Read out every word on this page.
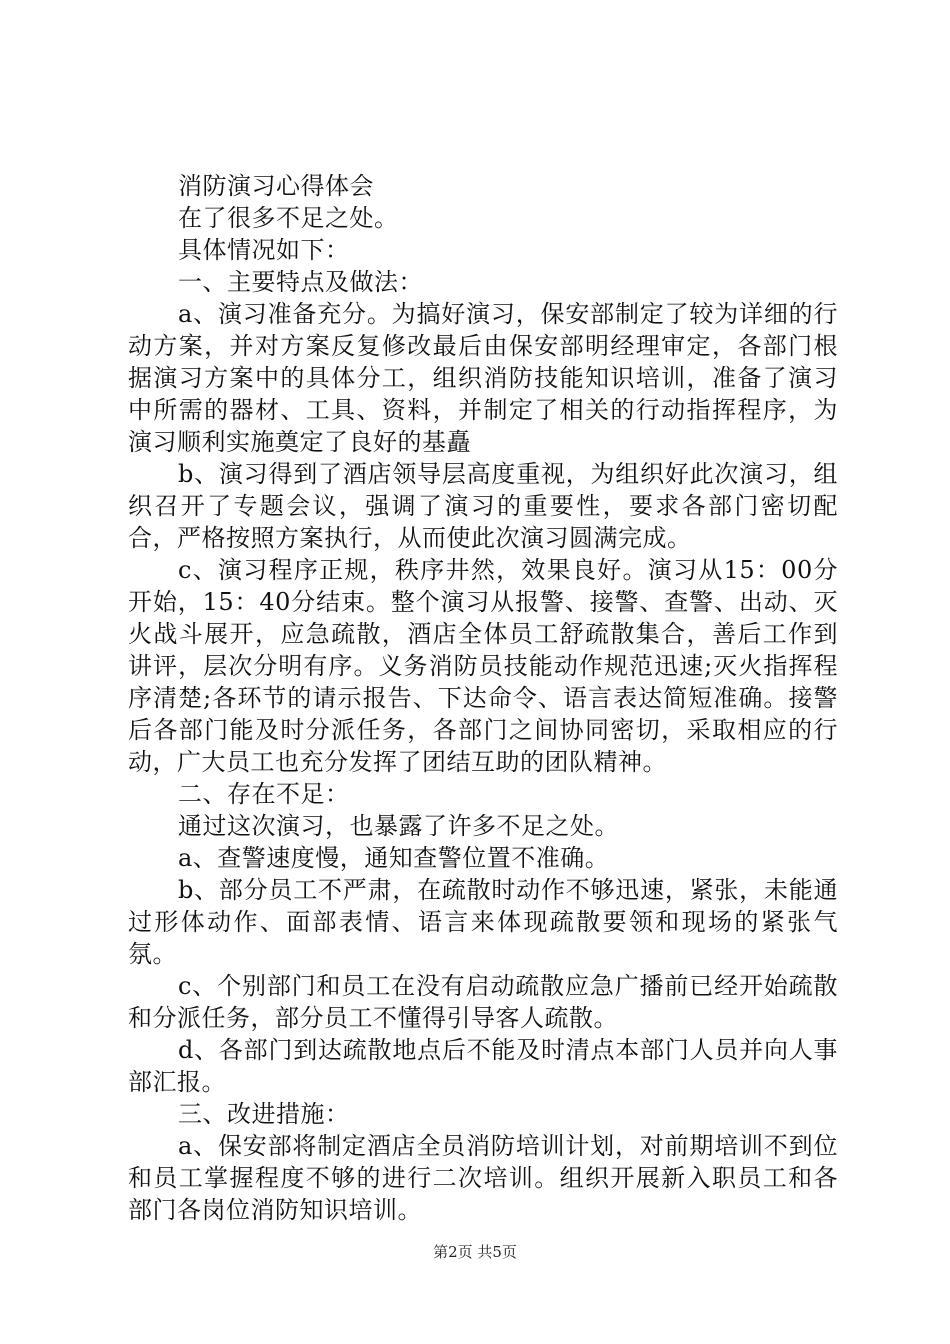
消防演习心得体会

在了很多不足之处。

具体情况如下：

一、主要特点及做法：

a、演习准备充分。为搞好演习，保安部制定了较为详细的行动方案，并对方案反复修改最后由保安部明经理审定，各部门根据演习方案中的具体分工，组织消防技能知识培训，准备了演习中所需的器材、工具、资料，并制定了相关的行动指挥程序，为演习顺利实施奠定了良好的基矗

b、演习得到了酒店领导层高度重视，为组织好此次演习，组织召开了专题会议，强调了演习的重要性，要求各部门密切配合，严格按照方案执行，从而使此次演习圆满完成。

c、演习程序正规，秩序井然，效果良好。演习从15：00分开始，15：40分结束。整个演习从报警、接警、查警、出动、灭火战斗展开，应急疏散，酒店全体员工舒疏散集合，善后工作到讲评，层次分明有序。义务消防员技能动作规范迅速;灭火指挥程序清楚;各环节的请示报告、下达命令、语言表达简短准确。接警后各部门能及时分派任务，各部门之间协同密切，采取相应的行动，广大员工也充分发挥了团结互助的团队精神。

二、存在不足：

通过这次演习，也暴露了许多不足之处。

a、查警速度慢，通知查警位置不准确。

b、部分员工不严肃，在疏散时动作不够迅速，紧张，未能通过形体动作、面部表情、语言来体现疏散要领和现场的紧张气氛。

c、个别部门和员工在没有启动疏散应急广播前已经开始疏散和分派任务，部分员工不懂得引导客人疏散。

d、各部门到达疏散地点后不能及时清点本部门人员并向人事部汇报。

三、改进措施：

a、保安部将制定酒店全员消防培训计划，对前期培训不到位和员工掌握程度不够的进行二次培训。组织开展新入职员工和各部门各岗位消防知识培训。

第2页 共5页
